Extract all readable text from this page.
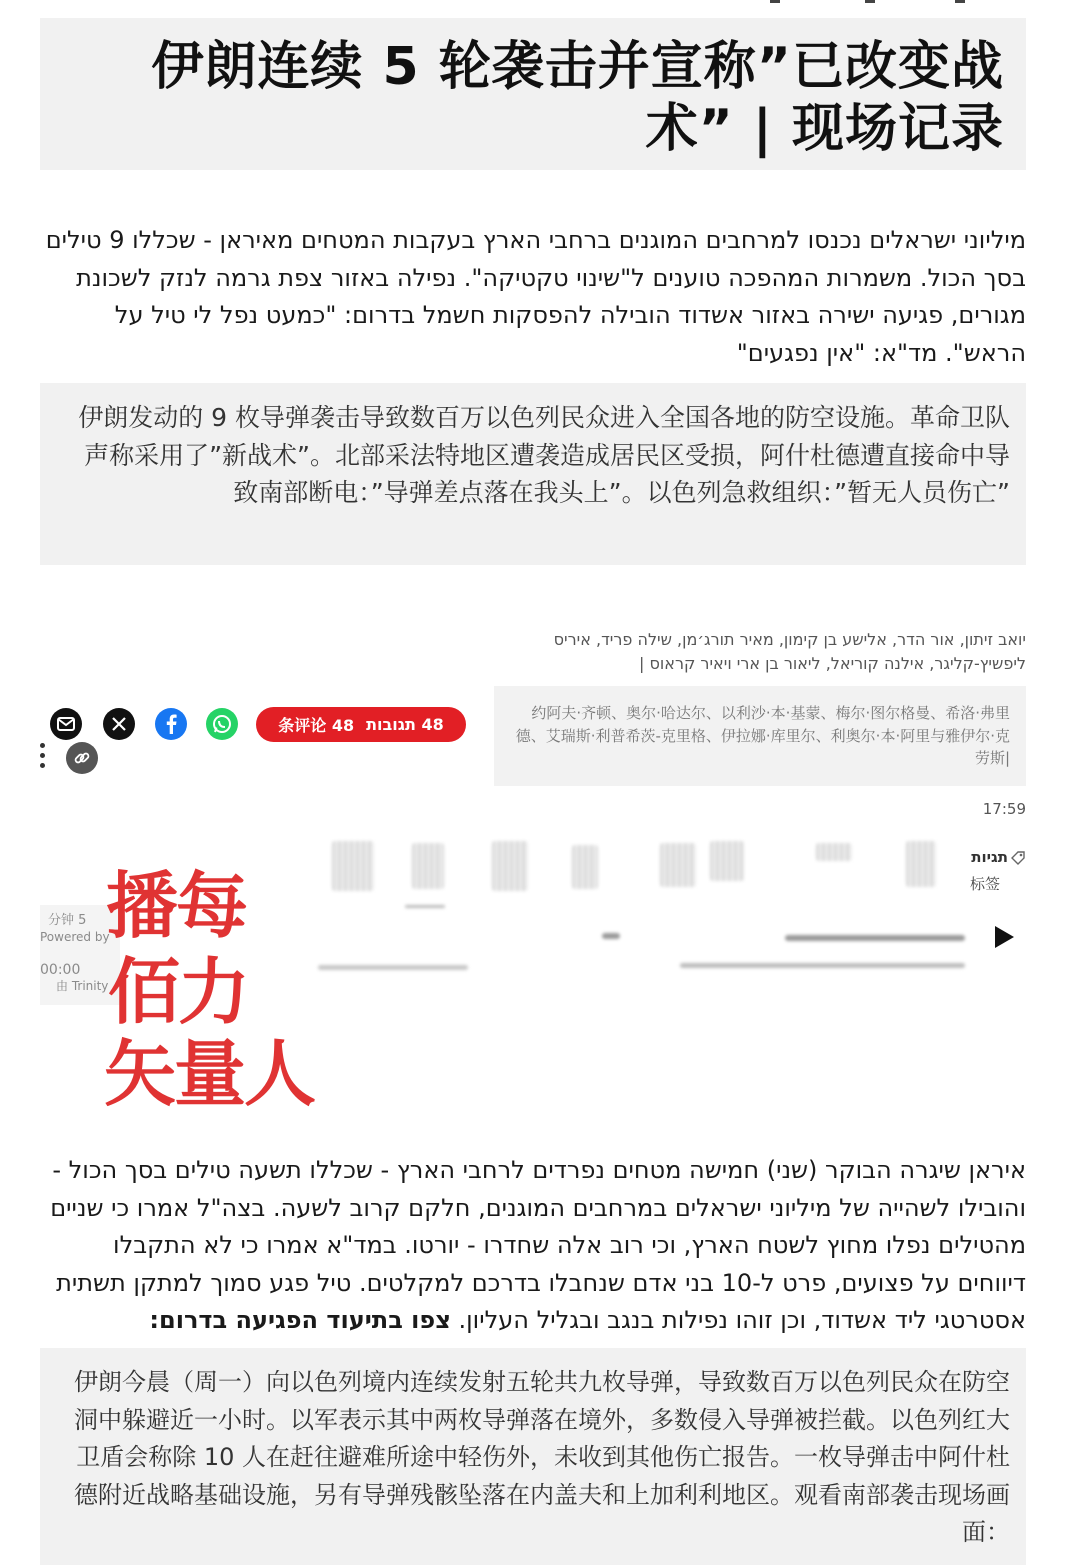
伊朗连续 5 轮袭击并宣称”已改变战术” | 现场记录
מיליוני ישראלים נכנסו למרחבים המוגנים ברחבי הארץ בעקבות המטחים מאיראן - שכללו 9 טילים בסך הכול. משמרות המהפכה טוענים ל"שינוי טקטיקה". נפילה באזור צפת גרמה לנזק לשכונת מגורים, פגיעה ישירה באזור אשדוד הובילה להפסקות חשמל בדרום: "כמעט נפל לי טיל על הראש". מד"א: "אין נפגעים"
伊朗发动的 9 枚导弹袭击导致数百万以色列民众进入全国各地的防空设施。革命卫队声称采用了”新战术”。北部采法特地区遭袭造成居民区受损，阿什杜德遭直接命中导致南部断电：”导弹差点落在我头上”。以色列急救组织：”暂无人员伤亡”
יואב זיתון, אור הדר, אלישע בן קימון, מאיר תורג׳מן, שילה פריד, איריס ליפשיץ-קליגר, אילנה קוריאל, ליאור בן ארי ויאיר קראוס |
约阿夫·齐顿、奥尔·哈达尔、以利沙·本·基蒙、梅尔·图尔格曼、希洛·弗里德、艾瑞斯·利普希茨-克里格、伊拉娜·库里尔、利奥尔·本·阿里与雅伊尔·克劳斯|
条评论 48 48 תגובות
17:59
תגיות
标签
分钟 5
Powered by
00:00
由 Trinity
播每
佰力
矢量人
איראן שיגרה הבוקר (שני) חמישה מטחים נפרדים לרחבי הארץ - שכללו תשעה טילים בסך הכול - והובילו לשהייה של מיליוני ישראלים במרחבים המוגנים, חלקם קרוב לשעה. בצה"ל אמרו כי שניים מהטילים נפלו מחוץ לשטח הארץ, וכי רוב אלה שחדרו - יורטו. במד"א אמרו כי לא התקבלו דיווחים על פצועים, פרט ל-10 בני אדם שנחבלו בדרכם למקלטים. טיל פגע סמוך למתקן תשתית אסטרטגי ליד אשדוד, וכן זוהו נפילות בנגב ובגליל העליון. צפו בתיעוד הפגיעה בדרום:
伊朗今晨（周一）向以色列境内连续发射五轮共九枚导弹，导致数百万以色列民众在防空洞中躲避近一小时。以军表示其中两枚导弹落在境外，多数侵入导弹被拦截。以色列红大卫盾会称除 10 人在赶往避难所途中轻伤外，未收到其他伤亡报告。一枚导弹击中阿什杜德附近战略基础设施，另有导弹残骸坠落在内盖夫和上加利利地区。观看南部袭击现场画面：
